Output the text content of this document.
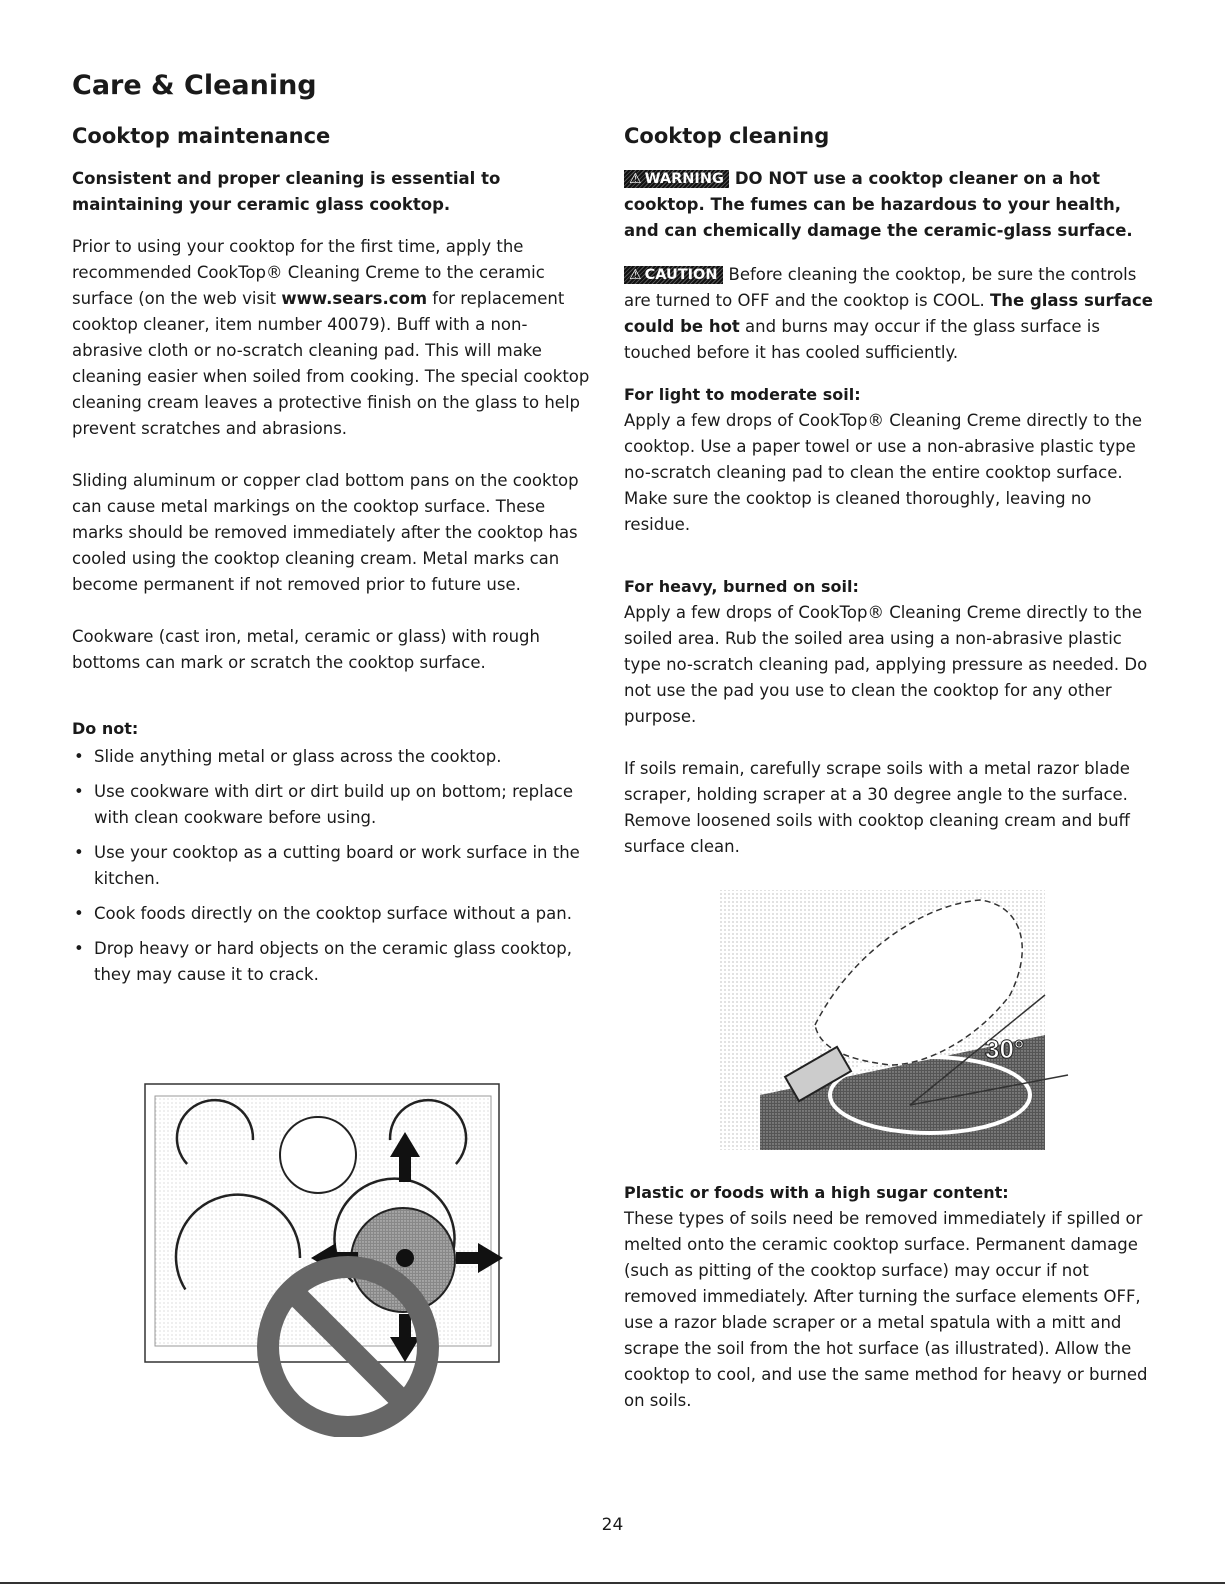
Care & Cleaning
Cooktop maintenance

Consistent and proper cleaning is essential to maintaining your ceramic glass cooktop.

Prior to using your cooktop for the first time, apply the recommended CookTop® Cleaning Creme to the ceramic surface (on the web visit www.sears.com for replacement cooktop cleaner, item number 40079). Buff with a non-abrasive cloth or no-scratch cleaning pad. This will make cleaning easier when soiled from cooking. The special cooktop cleaning cream leaves a protective finish on the glass to help prevent scratches and abrasions.

Sliding aluminum or copper clad bottom pans on the cooktop can cause metal markings on the cooktop surface. These marks should be removed immediately after the cooktop has cooled using the cooktop cleaning cream. Metal marks can become permanent if not removed prior to future use.

Cookware (cast iron, metal, ceramic or glass) with rough bottoms can mark or scratch the cooktop surface.

Do not:

• Slide anything metal or glass across the cooktop.
• Use cookware with dirt or dirt build up on bottom; replace with clean cookware before using.
• Use your cooktop as a cutting board or work surface in the kitchen.
• Cook foods directly on the cooktop surface without a pan.
• Drop heavy or hard objects on the ceramic glass cooktop, they may cause it to crack.
Cooktop cleaning

⚠ WARNING DO NOT use a cooktop cleaner on a hot cooktop. The fumes can be hazardous to your health, and can chemically damage the ceramic-glass surface.

⚠ CAUTION Before cleaning the cooktop, be sure the controls are turned to OFF and the cooktop is COOL. The glass surface could be hot and burns may occur if the glass surface is touched before it has cooled sufficiently.

For light to moderate soil:

Apply a few drops of CookTop® Cleaning Creme directly to the cooktop. Use a paper towel or use a non-abrasive plastic type no-scratch cleaning pad to clean the entire cooktop surface. Make sure the cooktop is cleaned thoroughly, leaving no residue.

For heavy, burned on soil:

Apply a few drops of CookTop® Cleaning Creme directly to the soiled area. Rub the soiled area using a non-abrasive plastic type no-scratch cleaning pad, applying pressure as needed. Do not use the pad you use to clean the cooktop for any other purpose.

If soils remain, carefully scrape soils with a metal razor blade scraper, holding scraper at a 30 degree angle to the surface. Remove loosened soils with cooktop cleaning cream and buff surface clean.

Plastic or foods with a high sugar content:

These types of soils need be removed immediately if spilled or melted onto the ceramic cooktop surface. Permanent damage (such as pitting of the cooktop surface) may occur if not removed immediately. After turning the surface elements OFF, use a razor blade scraper or a metal spatula with a mitt and scrape the soil from the hot surface (as illustrated). Allow the cooktop to cool, and use the same method for heavy or burned on soils.

30°
24
